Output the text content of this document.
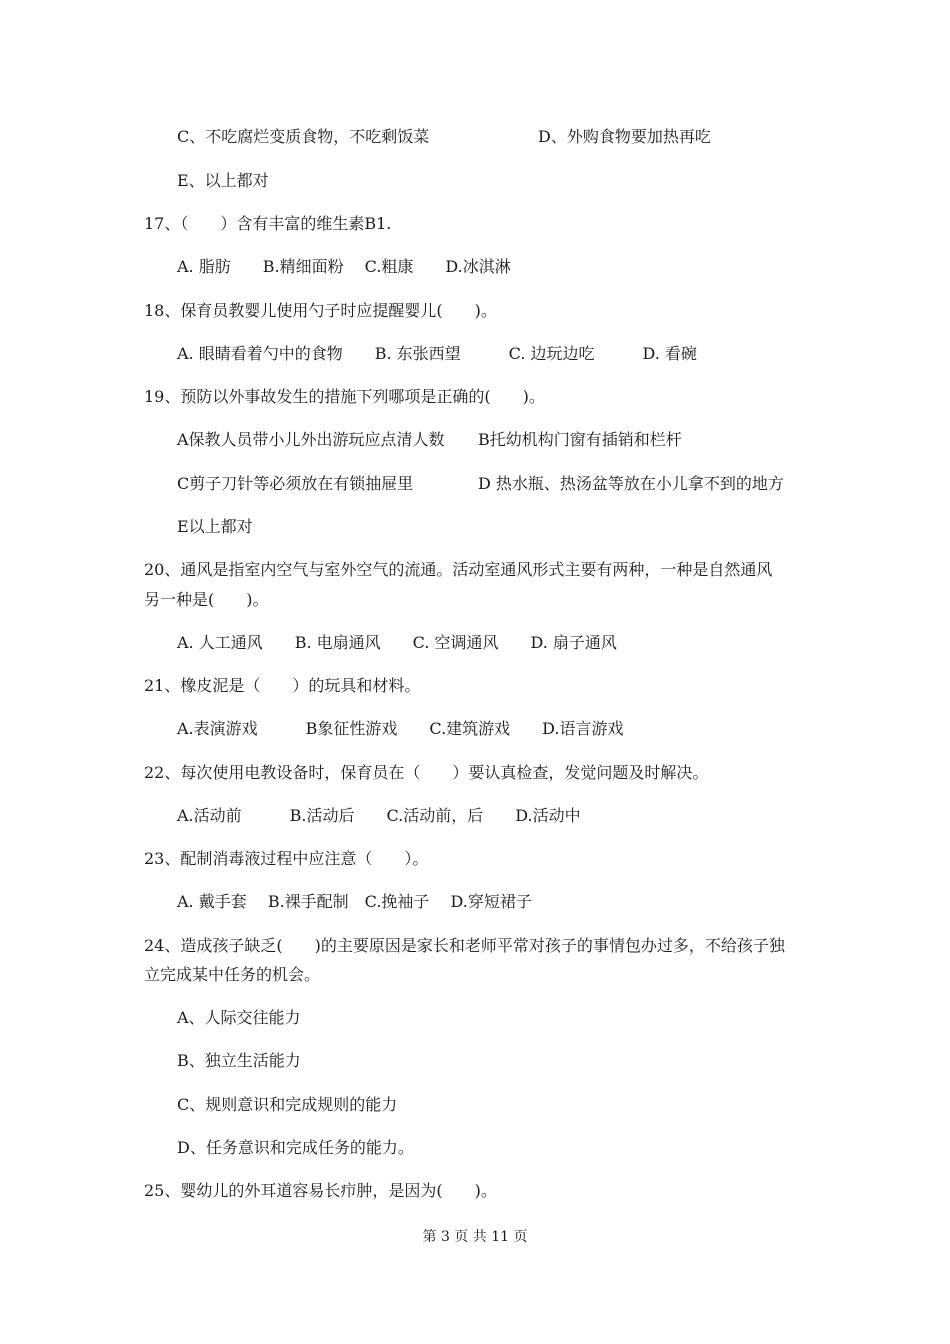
C、不吃腐烂变质食物，不吃剩饭菜	D、外购食物要加热再吃
E、以上都对
17、（　　）含有丰富的维生素B1.
A. 脂肪　　B.精细面粉　 C.粗康　　D.冰淇淋
18、保育员教婴儿使用勺子时应提醒婴儿(　　)。
A. 眼睛看着勺中的食物　　B. 东张西望　　　C. 边玩边吃　　　D. 看碗
19、预防以外事故发生的措施下列哪项是正确的(　　)。
A保教人员带小儿外出游玩应点清人数 B托幼机构门窗有插销和栏杆
C剪子刀针等必须放在有锁抽屉里	D 热水瓶、热汤盆等放在小儿拿不到的地方
E以上都对
20、通风是指室内空气与室外空气的流通。活动室通风形式主要有两种，一种是自然通风
另一种是(　　)。
A. 人工通风　　B. 电扇通风　　C. 空调通风　　D. 扇子通风
21、橡皮泥是（　　）的玩具和材料。
A.表演游戏　　　B象征性游戏　　C.建筑游戏　　D.语言游戏
22、每次使用电教设备时，保育员在（　　）要认真检查，发觉问题及时解决。
A.活动前　　　B.活动后　　C.活动前，后　　D.活动中
23、配制消毒液过程中应注意（　　）。
A. 戴手套　 B.裸手配制　C.挽袖子　 D.穿短裙子
24、造成孩子缺乏(　　)的主要原因是家长和老师平常对孩子的事情包办过多，不给孩子独
立完成某中任务的机会。
A、人际交往能力
B、独立生活能力
C、规则意识和完成规则的能力
D、任务意识和完成任务的能力。
25、婴幼儿的外耳道容易长疖肿，是因为(　　)。
第 3 页 共 11 页
